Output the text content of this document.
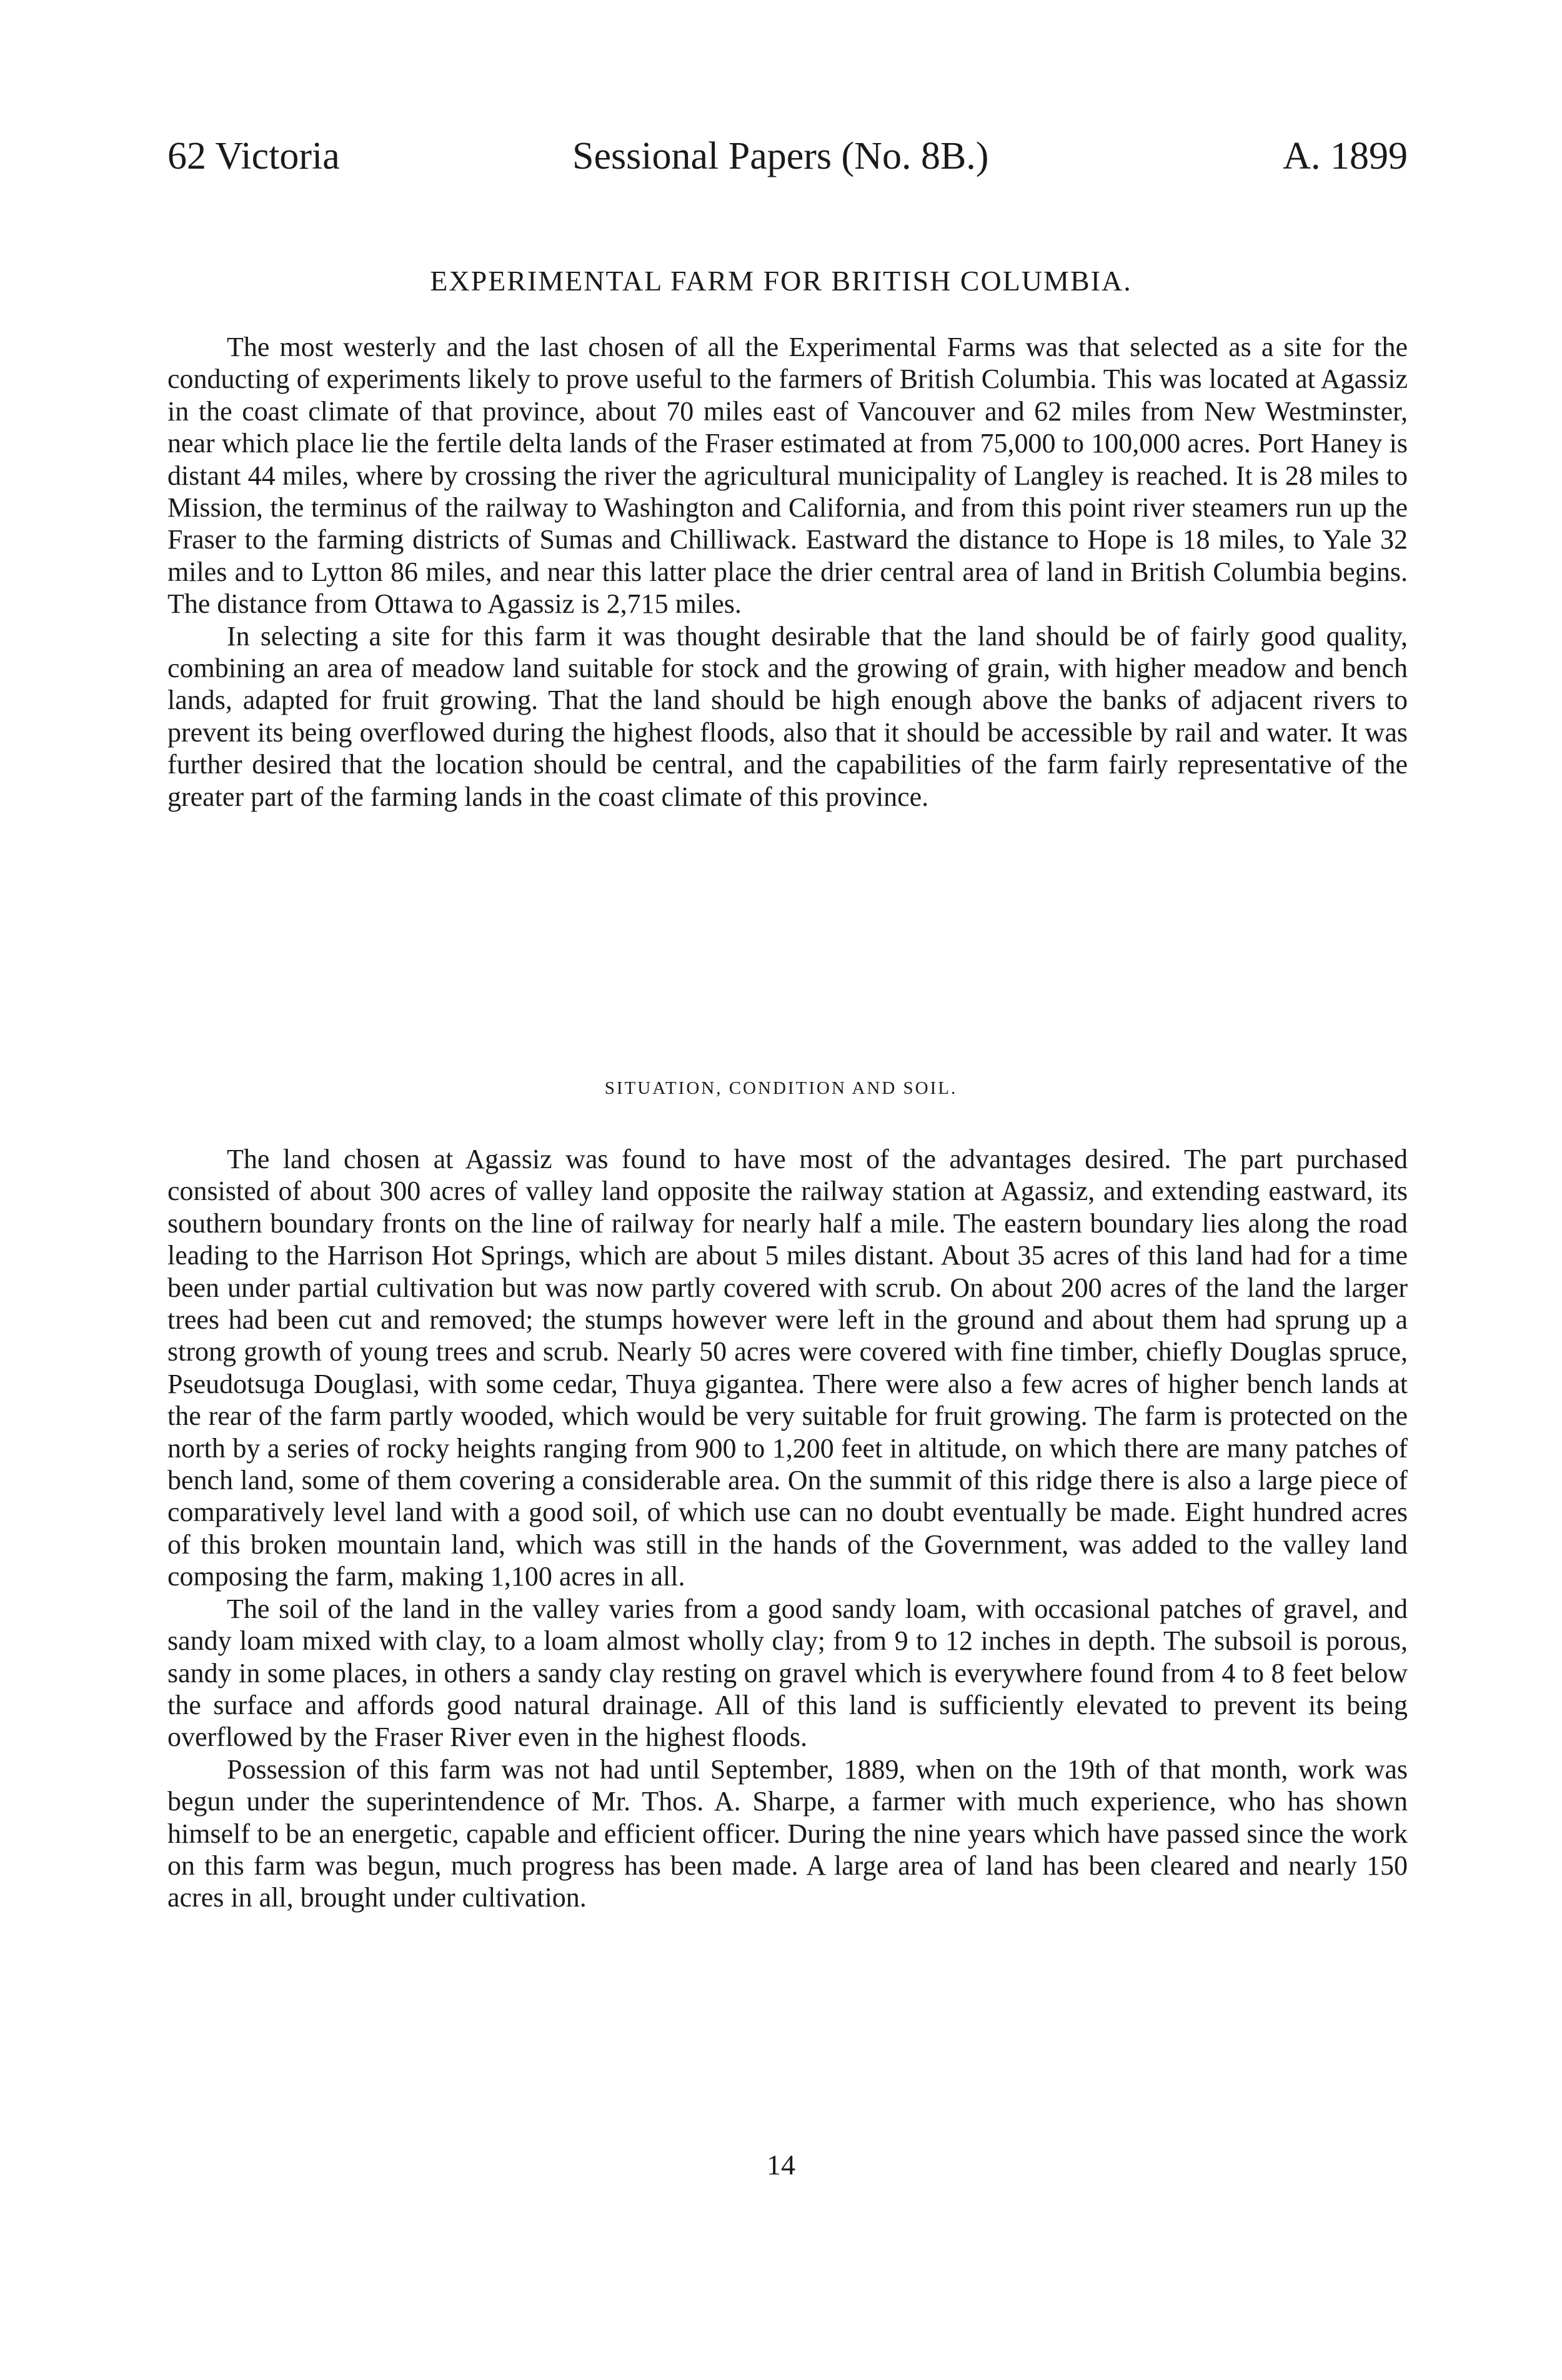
62 Victoria	Sessional Papers (No. 8B.)	A. 1899
EXPERIMENTAL FARM FOR BRITISH COLUMBIA.

The most westerly and the last chosen of all the Experimental Farms was that selected as a site for the conducting of experiments likely to prove useful to the farmers of British Columbia. This was located at Agassiz in the coast climate of that province, about 70 miles east of Vancouver and 62 miles from New Westminster, near which place lie the fertile delta lands of the Fraser estimated at from 75,000 to 100,000 acres. Port Haney is distant 44 miles, where by crossing the river the agricultural municipality of Langley is reached. It is 28 miles to Mission, the terminus of the railway to Washington and California, and from this point river steamers run up the Fraser to the farming districts of Sumas and Chilliwack. Eastward the distance to Hope is 18 miles, to Yale 32 miles and to Lytton 86 miles, and near this latter place the drier central area of land in British Columbia begins. The distance from Ottawa to Agassiz is 2,715 miles.

In selecting a site for this farm it was thought desirable that the land should be of fairly good quality, combining an area of meadow land suitable for stock and the growing of grain, with higher meadow and bench lands, adapted for fruit growing. That the land should be high enough above the banks of adjacent rivers to prevent its being overflowed during the highest floods, also that it should be accessible by rail and water. It was further desired that the location should be central, and the capabilities of the farm fairly representative of the greater part of the farming lands in the coast climate of this province.

SITUATION, CONDITION AND SOIL.

The land chosen at Agassiz was found to have most of the advantages desired. The part purchased consisted of about 300 acres of valley land opposite the railway station at Agassiz, and extending eastward, its southern boundary fronts on the line of railway for nearly half a mile. The eastern boundary lies along the road leading to the Harrison Hot Springs, which are about 5 miles distant. About 35 acres of this land had for a time been under partial cultivation but was now partly covered with scrub. On about 200 acres of the land the larger trees had been cut and removed; the stumps however were left in the ground and about them had sprung up a strong growth of young trees and scrub. Nearly 50 acres were covered with fine timber, chiefly Douglas spruce, Pseudotsuga Douglasi, with some cedar, Thuya gigantea. There were also a few acres of higher bench lands at the rear of the farm partly wooded, which would be very suitable for fruit growing. The farm is protected on the north by a series of rocky heights ranging from 900 to 1,200 feet in altitude, on which there are many patches of bench land, some of them covering a considerable area. On the summit of this ridge there is also a large piece of comparatively level land with a good soil, of which use can no doubt eventually be made. Eight hundred acres of this broken mountain land, which was still in the hands of the Government, was added to the valley land composing the farm, making 1,100 acres in all.

The soil of the land in the valley varies from a good sandy loam, with occasional patches of gravel, and sandy loam mixed with clay, to a loam almost wholly clay; from 9 to 12 inches in depth. The subsoil is porous, sandy in some places, in others a sandy clay resting on gravel which is everywhere found from 4 to 8 feet below the surface and affords good natural drainage. All of this land is sufficiently elevated to prevent its being overflowed by the Fraser River even in the highest floods.

Possession of this farm was not had until September, 1889, when on the 19th of that month, work was begun under the superintendence of Mr. Thos. A. Sharpe, a farmer with much experience, who has shown himself to be an energetic, capable and efficient officer. During the nine years which have passed since the work on this farm was begun, much progress has been made. A large area of land has been cleared and nearly 150 acres in all, brought under cultivation.

14
